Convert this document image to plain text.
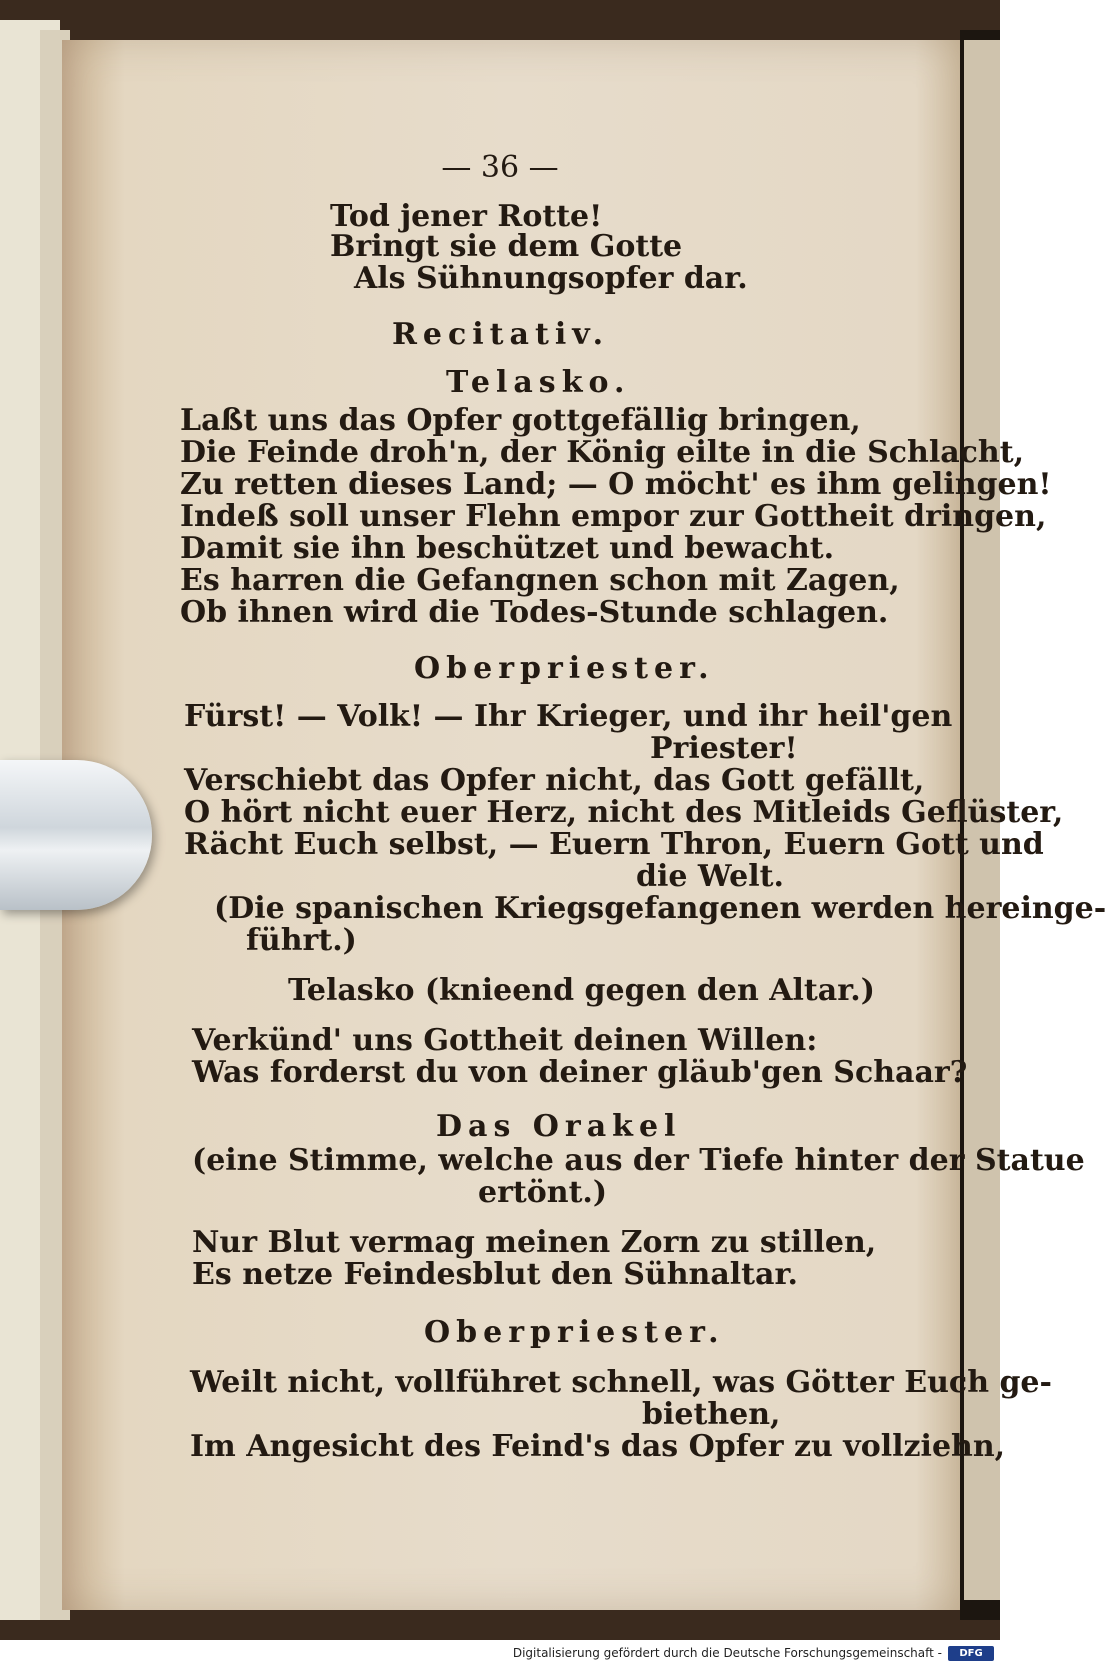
— 36 —
Tod jener Rotte!
Bringt sie dem Gotte
Als Sühnungsopfer dar.
Recitativ.
Telasko.
Laßt uns das Opfer gottgefällig bringen,
Die Feinde droh'n, der König eilte in die Schlacht,
Zu retten dieses Land; — O möcht' es ihm gelingen!
Indeß soll unser Flehn empor zur Gottheit dringen,
Damit sie ihn beschützet und bewacht.
Es harren die Gefangnen schon mit Zagen,
Ob ihnen wird die Todes-Stunde schlagen.
Oberpriester.
Fürst! — Volk! — Ihr Krieger, und ihr heil'gen
Priester!
Verschiebt das Opfer nicht, das Gott gefällt,
O hört nicht euer Herz, nicht des Mitleids Geflüster,
Rächt Euch selbst, — Euern Thron, Euern Gott und
die Welt.
(Die spanischen Kriegsgefangenen werden hereinge-
führt.)
Telasko (knieend gegen den Altar.)
Verkünd' uns Gottheit deinen Willen:
Was forderst du von deiner gläub'gen Schaar?
Das Orakel
(eine Stimme, welche aus der Tiefe hinter der Statue
ertönt.)
Nur Blut vermag meinen Zorn zu stillen,
Es netze Feindesblut den Sühnaltar.
Oberpriester.
Weilt nicht, vollführet schnell, was Götter Euch ge-
biethen,
Im Angesicht des Feind's das Opfer zu vollziehn,
Digitalisierung gefördert durch die Deutsche Forschungsgemeinschaft -	DFG
